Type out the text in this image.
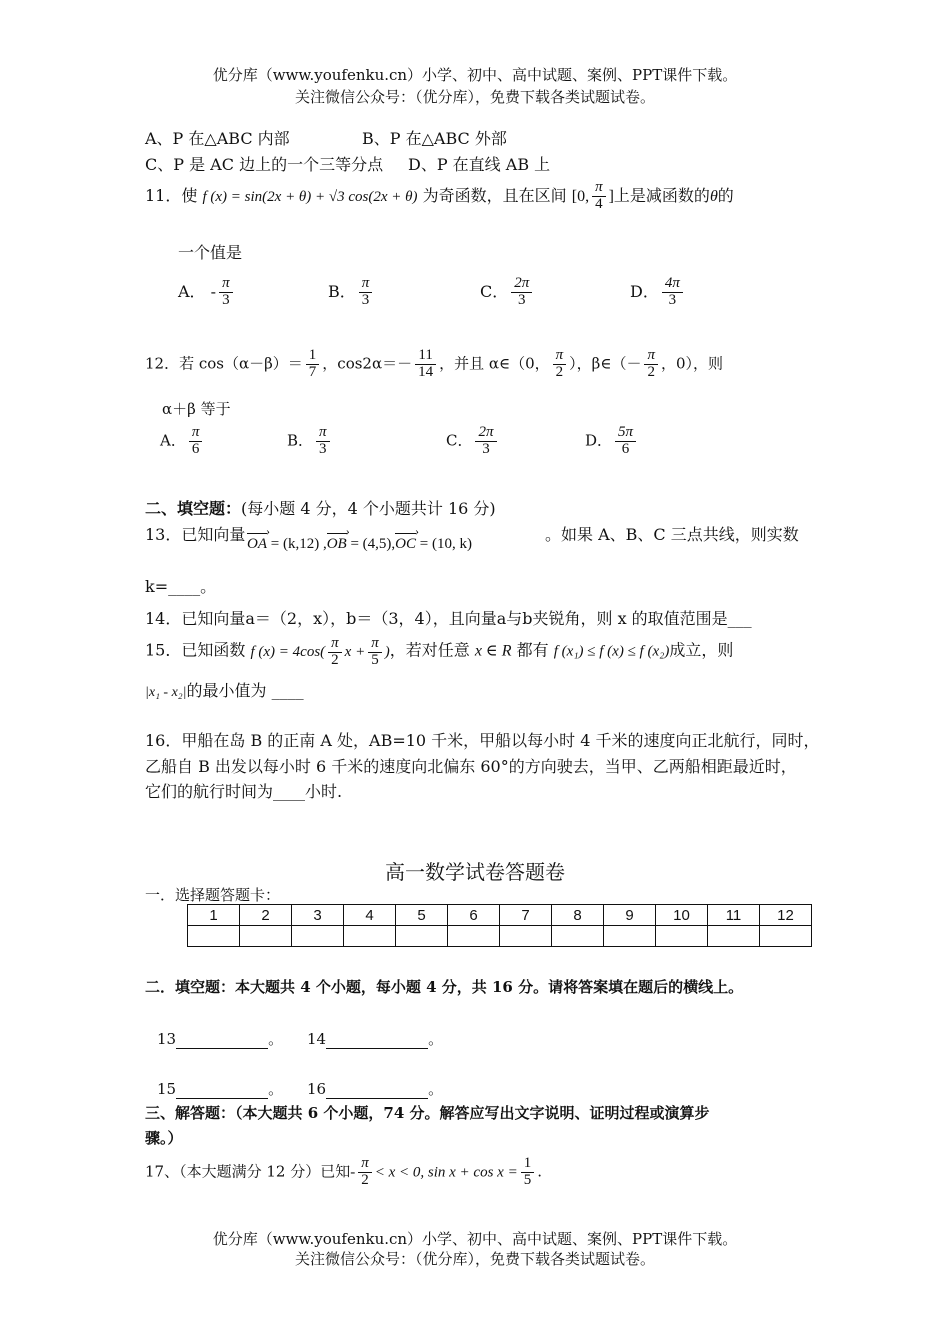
优分库（www.youfenku.cn）小学、初中、高中试题、案例、PPT课件下载。
关注微信公众号：（优分库），免费下载各类试题试卷。
A、P 在△ABC 内部	B、P 在△ABC 外部
C、P 是 AC 边上的一个三等分点 D、P 在直线 AB 上
11．使 f (x) = sin(2x + θ) + √3 cos(2x + θ) 为奇函数，且在区间 [0, $\frac{\pi}{4}$ ]上是减函数的θ的
一个值是
A． - $\frac{\pi}{3}$	B． $\frac{\pi}{3}$	C． $\frac{2\pi}{3}$	D． $\frac{4\pi}{3}$
12．若 $\cos(\alpha-\beta)= \frac{1}{7}$ ，$\cos 2\alpha=- \frac{11}{14}$ ，并且 α∈（0， $\frac{\pi}{2}$ ），β∈（－ $\frac{\pi}{2}$ ，0），则
α＋β 等于
A． $\frac{\pi}{6}$	B． $\frac{\pi}{3}$	C． $\frac{2\pi}{3}$	D． $\frac{5\pi}{6}$
二、填空题：(每小题 4 分，4 个小题共计 16 分)
13．已知向量 OA › = (k,12) ,OB › = (4,5),OC › = (10, k)	。如果 A、B、C 三点共线，则实数
k=____。
14．已知向量a＝（2，x），b＝（3，4），且向量a与b夹锐角，则 x 的取值范围是___
15．已知函数 f $(x) = 4\cos( \frac{\pi}{2}$ $x + \frac{\pi}{5}$ )，若对任意 x ∈ R 都有 f (x₁) ≤ f (x) ≤ f (x₂)成立，则
|x₁ - x₂|的最小值为 ____
16．甲船在岛 B 的正南 A 处，AB=10 千米，甲船以每小时 4 千米的速度向正北航行，同时，
乙船自 B 出发以每小时 6 千米的速度向北偏东 60°的方向驶去，当甲、乙两船相距最近时，
它们的航行时间为____小时.
高一数学试卷答题卷
一．选择题答题卡：
1	2	3	4	5	6	7	8	9	10	11	12

二．填空题：本大题共 4 个小题，每小题 4 分，共 16 分。请将答案填在题后的横线上。
13	。 14	。
15	。 16	。
三、解答题：（本大题共 6 个小题，74 分。解答应写出文字说明、证明过程或演算步
骤。）
17、（本大题满分 12 分）已知- $\frac{\pi}{2} < x < 0$, $\sin x + \cos x = \frac{1}{5}$ .
优分库（www.youfenku.cn）小学、初中、高中试题、案例、PPT课件下载。
关注微信公众号：（优分库），免费下载各类试题试卷。
